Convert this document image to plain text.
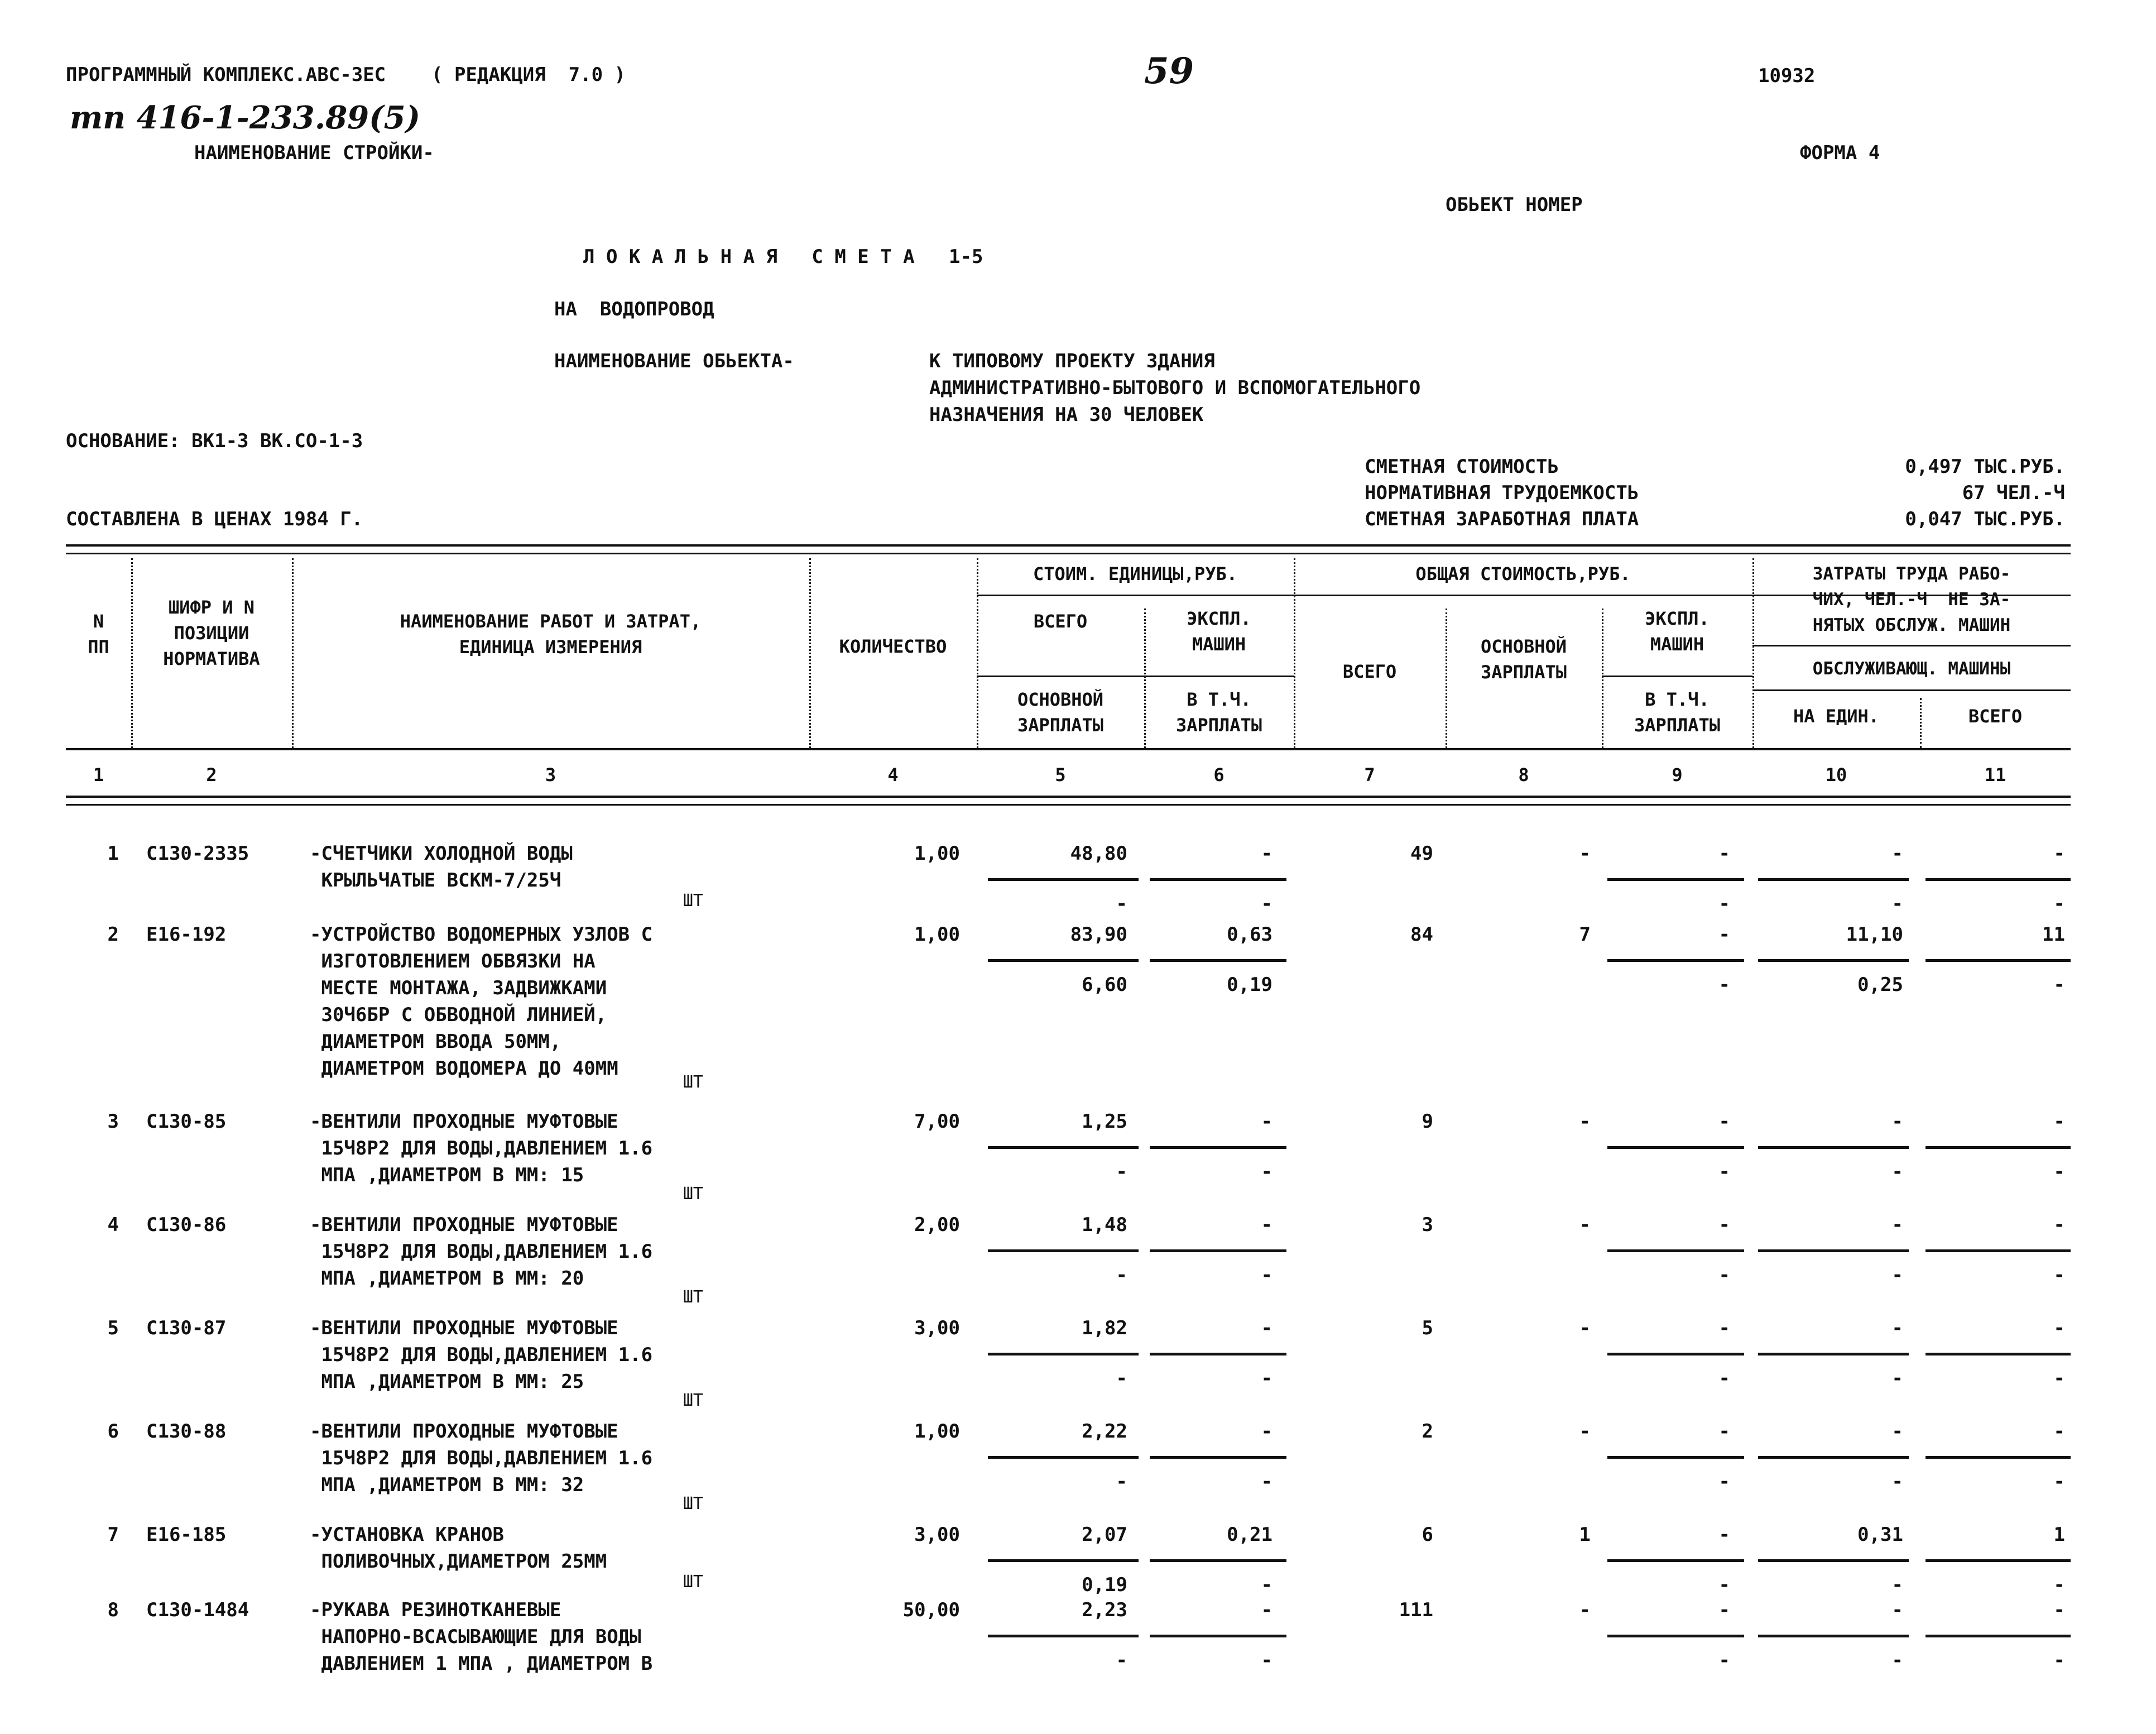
ПРОГРАММНЫЙ КОМПЛЕКС.АВС-3ЕС    ( РЕДАКЦИЯ  7.0 )	59
тп 416-1-233.89(5)
10932
НАИМЕНОВАНИЕ СТРОЙКИ-	ФОРМА 4
ОБЬЕКТ НОМЕР
Л О К А Л Ь Н А Я   С М Е Т А   1-5
НА  ВОДОПРОВОД
НАИМЕНОВАНИЕ ОБЬЕКТА-	К ТИПОВОМУ ПРОЕКТУ ЗДАНИЯ
АДМИНИСТРАТИВНО-БЫТОВОГО И ВСПОМОГАТЕЛЬНОГО
НАЗНАЧЕНИЯ НА 30 ЧЕЛОВЕК
ОСНОВАНИЕ: ВК1-3 ВК.СО-1-3
СОСТАВЛЕНА В ЦЕНАХ 1984 Г.
СМЕТНАЯ СТОИМОСТЬ	0,497 ТЫС.РУБ.
НОРМАТИВНАЯ ТРУДОЕМКОСТЬ	67 ЧЕЛ.-Ч
СМЕТНАЯ ЗАРАБОТНАЯ ПЛАТА	0,047 ТЫС.РУБ.
N
ПП
ШИФР И N
ПОЗИЦИИ
НОРМАТИВА
НАИМЕНОВАНИЕ РАБОТ И ЗАТРАТ,
ЕДИНИЦА ИЗМЕРЕНИЯ	КОЛИЧЕСТВО
СТОИМ. ЕДИНИЦЫ,РУБ.
ВСЕГО	ЭКСПЛ.
МАШИН
ОСНОВНОЙ
ЗАРПЛАТЫ
В Т.Ч.
ЗАРПЛАТЫ
ОБЩАЯ СТОИМОСТЬ,РУБ.
ВСЕГО
ОСНОВНОЙ
ЗАРПЛАТЫ
ЭКСПЛ.
МАШИН
В Т.Ч.
ЗАРПЛАТЫ
ЗАТРАТЫ ТРУДА РАБО-
ЧИХ, ЧЕЛ.-Ч  НЕ ЗА-
НЯТЫХ ОБСЛУЖ. МАШИН
ОБСЛУЖИВАЮЩ. МАШИНЫ
НА ЕДИН.	ВСЕГО
1	2	3	4	5	6	7	8	9	10	11
1 С130-2335	-СЧЕТЧИКИ ХОЛОДНОЙ ВОДЫ
КРЫЛЬЧАТЫЕ ВСКМ-7/25Ч
ШТ
1,00	48,80	-	49	-	-	-	-
-	-	-	-	-
2 Е16-192	-УСТРОЙСТВО ВОДОМЕРНЫХ УЗЛОВ С
ИЗГОТОВЛЕНИЕМ ОБВЯЗКИ НА
МЕСТЕ МОНТАЖА, ЗАДВИЖКАМИ
30Ч6БР С ОБВОДНОЙ ЛИНИЕЙ,
ДИАМЕТРОМ ВВОДА 50ММ,
ДИАМЕТРОМ ВОДОМЕРА ДО 40ММ
ШТ
1,00	83,90	0,63	84	7	-	11,10	11
6,60	0,19	-	0,25	-
3 С130-85	-ВЕНТИЛИ ПРОХОДНЫЕ МУФТОВЫЕ
15Ч8Р2 ДЛЯ ВОДЫ,ДАВЛЕНИЕМ 1.6
МПА ,ДИАМЕТРОМ В ММ: 15
ШТ
7,00	1,25	-	9	-	-	-	-
-	-	-	-	-
4 С130-86	-ВЕНТИЛИ ПРОХОДНЫЕ МУФТОВЫЕ
15Ч8Р2 ДЛЯ ВОДЫ,ДАВЛЕНИЕМ 1.6
МПА ,ДИАМЕТРОМ В ММ: 20
ШТ
2,00	1,48	-	3	-	-	-	-
-	-	-	-	-
5 С130-87	-ВЕНТИЛИ ПРОХОДНЫЕ МУФТОВЫЕ
15Ч8Р2 ДЛЯ ВОДЫ,ДАВЛЕНИЕМ 1.6
МПА ,ДИАМЕТРОМ В ММ: 25
ШТ
3,00	1,82	-	5	-	-	-	-
-	-	-	-	-
6 С130-88	-ВЕНТИЛИ ПРОХОДНЫЕ МУФТОВЫЕ
15Ч8Р2 ДЛЯ ВОДЫ,ДАВЛЕНИЕМ 1.6
МПА ,ДИАМЕТРОМ В ММ: 32
ШТ
1,00	2,22	-	2	-	-	-	-
-	-	-	-	-
7 Е16-185	-УСТАНОВКА КРАНОВ
ПОЛИВОЧНЫХ,ДИАМЕТРОМ 25ММ
ШТ
3,00	2,07	0,21	6	1	-	0,31	1
0,19	-	-	-	-
8 С130-1484	-РУКАВА РЕЗИНОТКАНЕВЫЕ
НАПОРНО-ВСАСЫВАЮЩИЕ ДЛЯ ВОДЫ
ДАВЛЕНИЕМ 1 МПА , ДИАМЕТРОМ В
50,00	2,23	-	111	-	-	-	-
-	-	-	-	-
